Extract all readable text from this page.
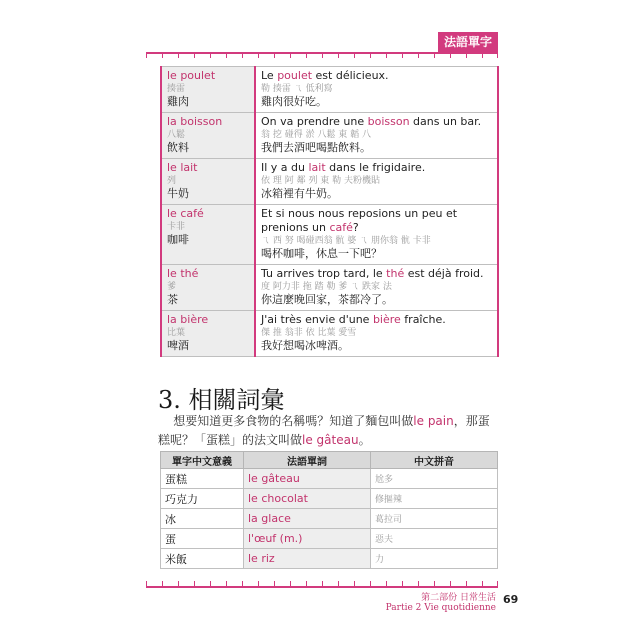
法語單字
le poulet
揍雷
雞肉	Le poulet est délicieux.
勒 揍雷 ㄟ 低利寫
雞肉很好吃。

la boisson
八鬆
飲料	On va prendre une boisson dans un bar.
翁 挖 碰得 淤 八鬆 東 韜 八
我們去酒吧喝點飲料。

le lait
列
牛奶	Il y a du lait dans le frigidaire.
依 理 阿 鄰 列 東 勒 夫粉機貼
冰箱裡有牛奶。

le café
卡非
咖啡	Et si nous nous reposions un peu et prenions un café?
ㄟ 西 努 喝碰西翁 骯 婆 ㄟ 朋你翁 骯 卡非
喝杯咖啡，休息一下吧？

le thé
爹
茶	Tu arrives trop tard, le thé est déjà froid.
度 阿力非 拖 踏 勒 爹 ㄟ 跌家 法
你這麼晚回家，茶都冷了。

la bière
比葉
啤酒	J'ai très envie d'une bière fraîche.
傑 推 翁非 依 比葉 愛雪
我好想喝冰啤酒。
3. 相關詞彙
想要知道更多食物的名稱嗎？知道了麵包叫做le pain，那蛋糕呢？「蛋糕」的法文叫做le gâteau。
單字中文意義	法語單詞	中文拼音
蛋糕	le gâteau	尬多
巧克力	le chocolat	修摳辣
冰	la glace	葛拉司
蛋	l'œuf (m.)	惡夫
米飯	le riz	力
第二部份 日常生活
Partie 2 Vie quotidienne
69
